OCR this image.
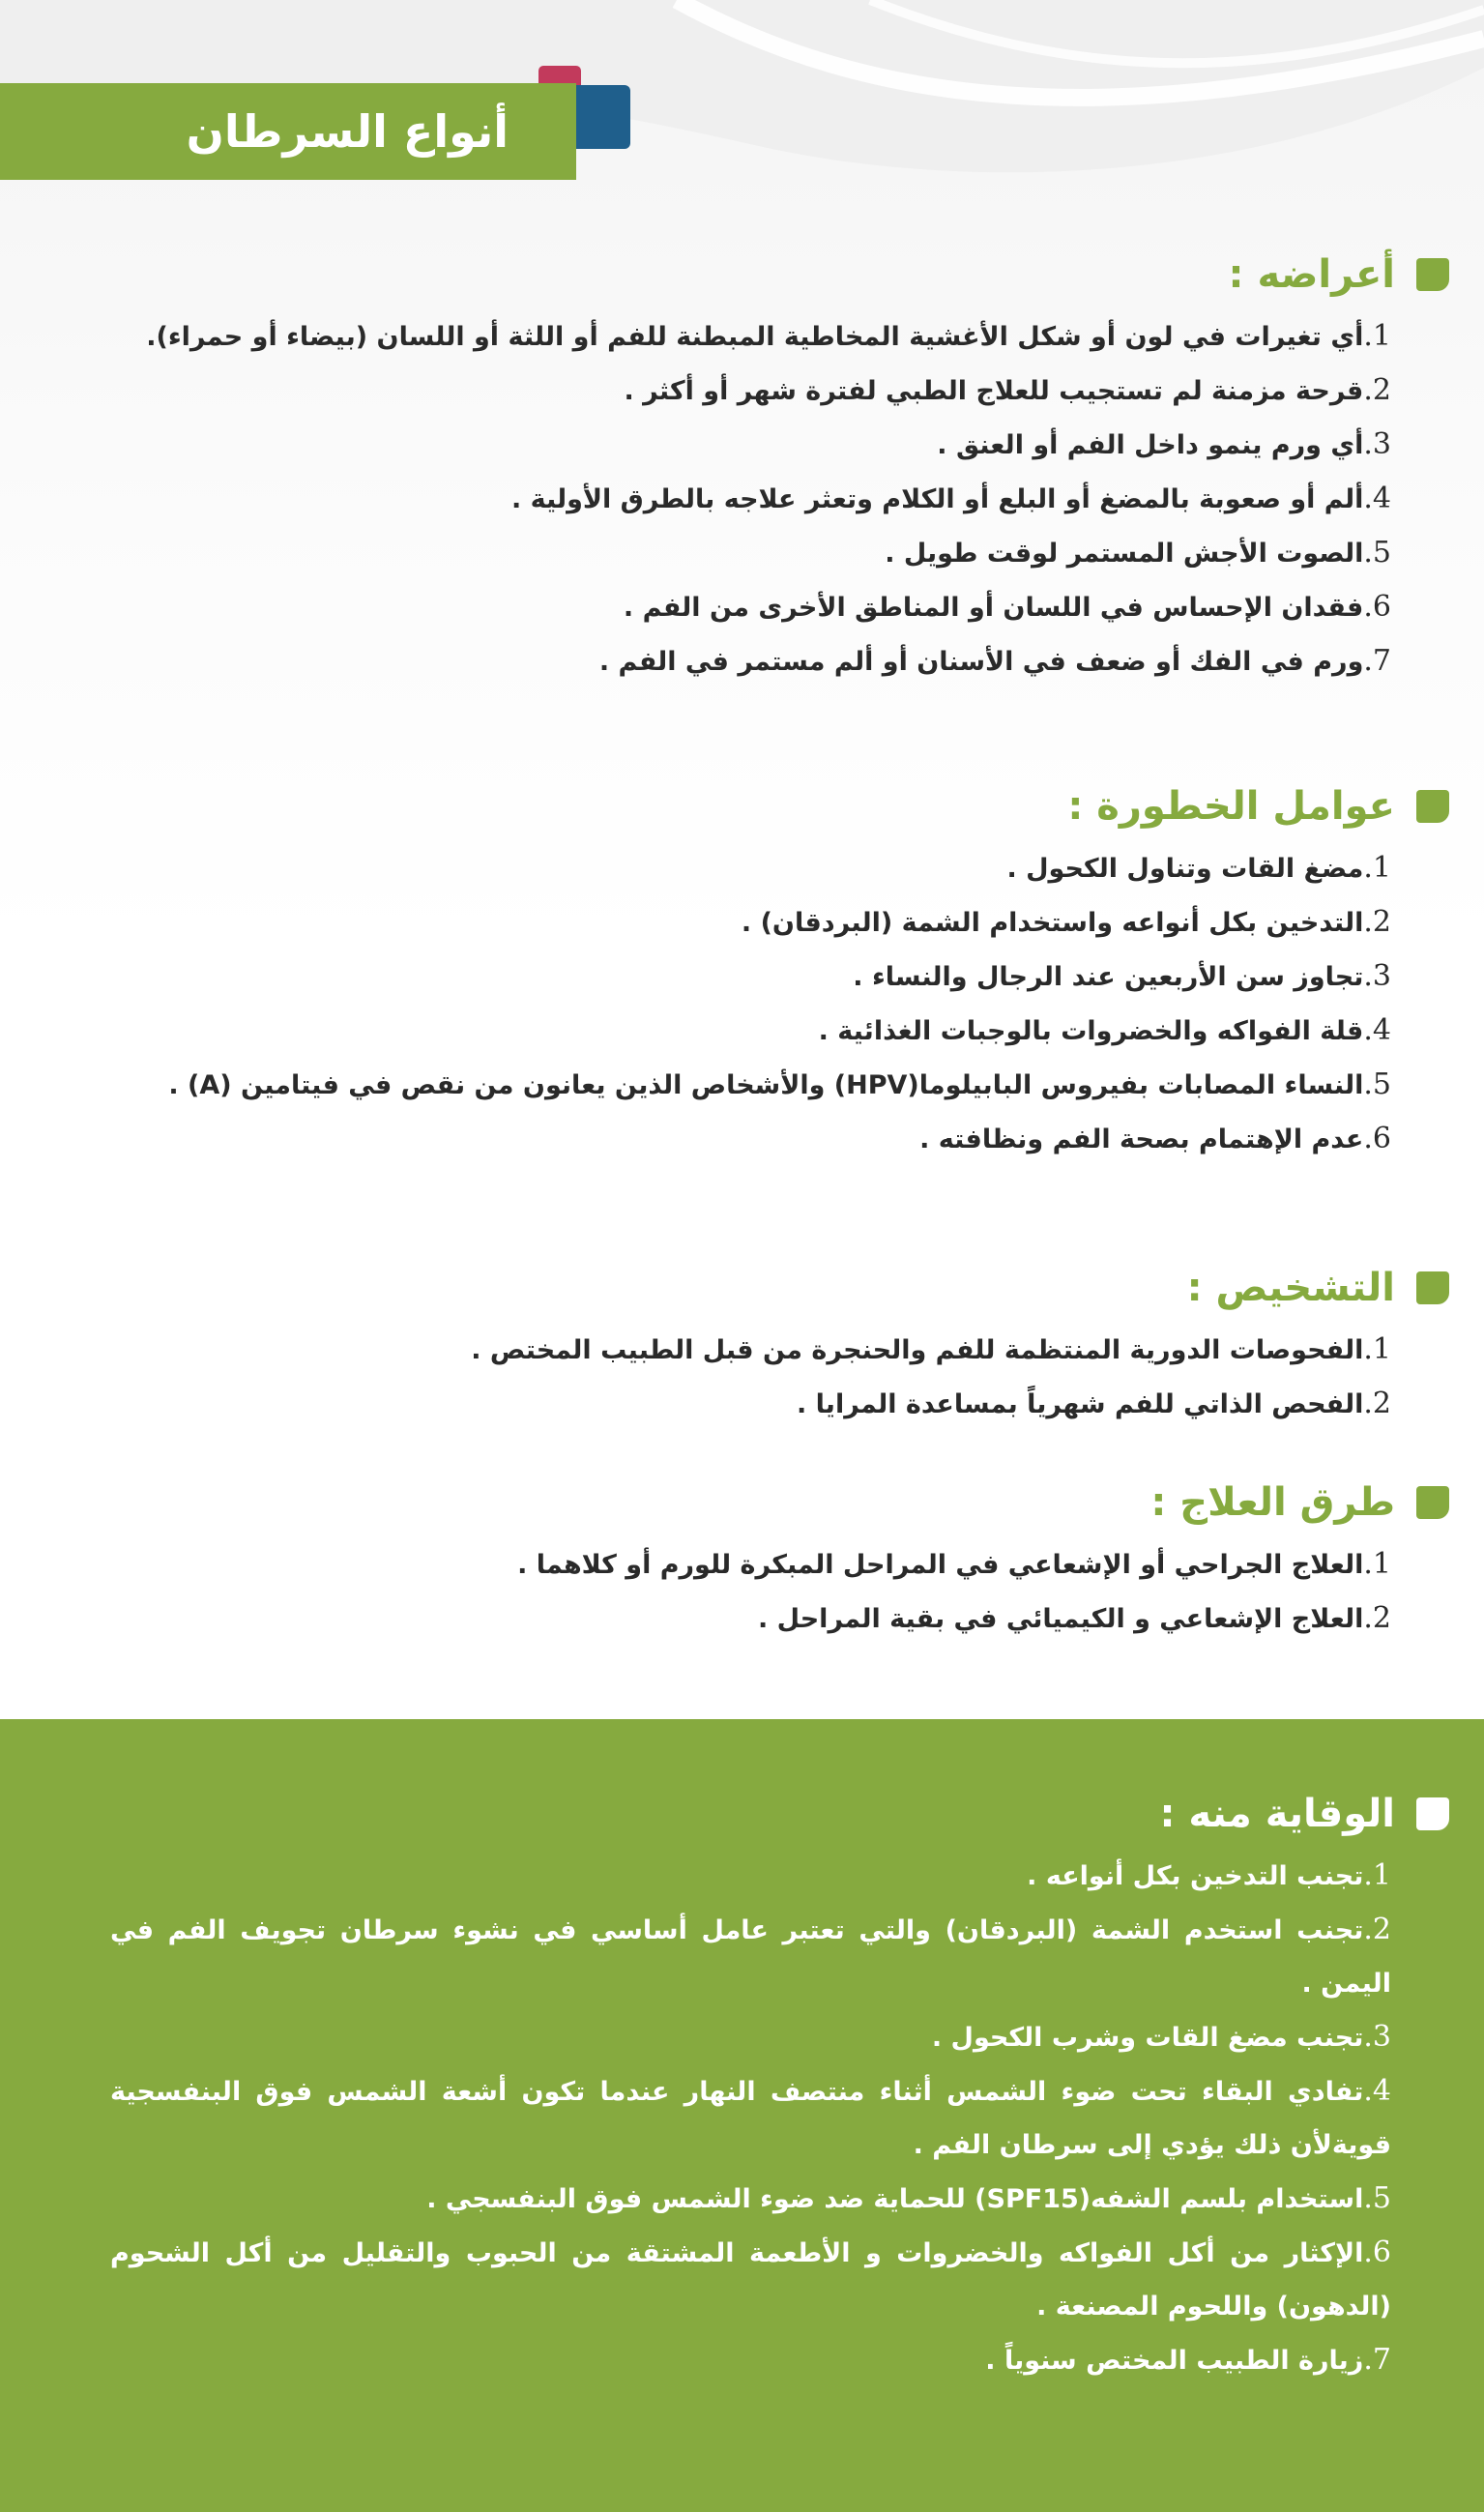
أنواع السرطان
أعراضه :
1.أي تغيرات في لون أو شكل الأغشية المخاطية المبطنة للفم أو اللثة أو اللسان (بيضاء أو حمراء).
2.قرحة مزمنة لم تستجيب للعلاج الطبي لفترة شهر أو أكثر .
3.أي ورم ينمو داخل الفم أو العنق .
4.ألم أو صعوبة بالمضغ أو البلع أو الكلام وتعثر علاجه بالطرق الأولية .
5.الصوت الأجش المستمر لوقت طويل .
6.فقدان الإحساس في اللسان أو المناطق الأخرى من الفم .
7.ورم في الفك أو ضعف في الأسنان أو ألم مستمر في الفم .
عوامل الخطورة :
1.مضغ القات وتناول الكحول .
2.التدخين بكل أنواعه واستخدام الشمة (البردقان) .
3.تجاوز سن الأربعين عند الرجال والنساء .
4.قلة الفواكه والخضروات بالوجبات الغذائية .
5.النساء المصابات بفيروس البابيلوما(HPV) والأشخاص الذين يعانون من نقص في فيتامين (A) .
6.عدم الإهتمام بصحة الفم ونظافته .
التشخيص :
1.الفحوصات الدورية المنتظمة للفم والحنجرة من قبل الطبيب المختص .
2.الفحص الذاتي للفم شهرياً بمساعدة المرايا .
طرق العلاج :
1.العلاج الجراحي أو الإشعاعي في المراحل المبكرة للورم أو كلاهما .
2.العلاج الإشعاعي و الكيميائي في بقية المراحل .
الوقاية منه :
1.تجنب التدخين بكل أنواعه .
2.تجنب استخدم الشمة (البردقان) والتي تعتبر عامل أساسي في نشوء سرطان تجويف الفم في اليمن .
3.تجنب مضغ القات وشرب الكحول .
4.تفادي البقاء تحت ضوء الشمس أثناء منتصف النهار عندما تكون أشعة الشمس فوق البنفسجية قويةلأن ذلك يؤدي إلى سرطان الفم .
5.استخدام بلسم الشفه(SPF15) للحماية ضد ضوء الشمس فوق البنفسجي .
6.الإكثار من أكل الفواكه والخضروات و الأطعمة المشتقة من الحبوب والتقليل من أكل الشحوم (الدهون) واللحوم المصنعة .
7.زيارة الطبيب المختص سنوياً .
